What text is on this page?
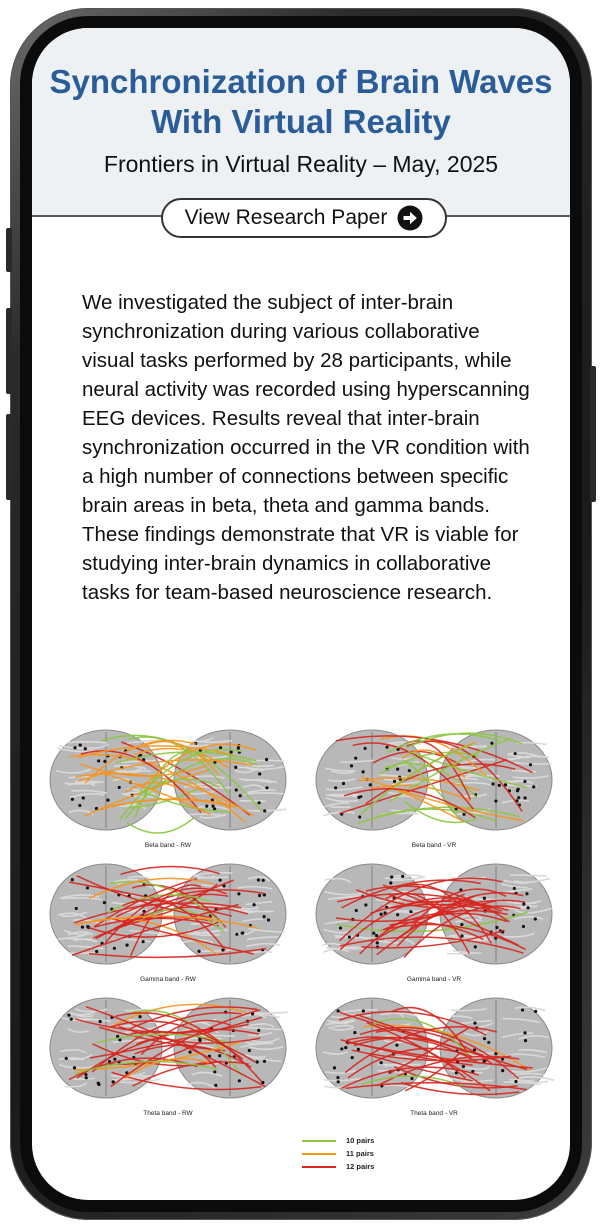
Synchronization of Brain Waves With Virtual Reality
Frontiers in Virtual Reality – May, 2025
View Research Paper
We investigated the subject of inter-brain synchronization during various collaborative visual tasks performed by 28 participants, while neural activity was recorded using hyperscanning EEG devices. Results reveal that inter-brain synchronization occurred in the VR condition with a high number of connections between specific brain areas in beta, theta and gamma bands. These findings demonstrate that VR is viable for studying inter-brain dynamics in collaborative tasks for team-based neuroscience research.
Beta band - RW	Beta band - VR
Gamma band - RW	Gamma band - VR
Theta band - RW	Theta band - VR
10 pairs
11 pairs
12 pairs
